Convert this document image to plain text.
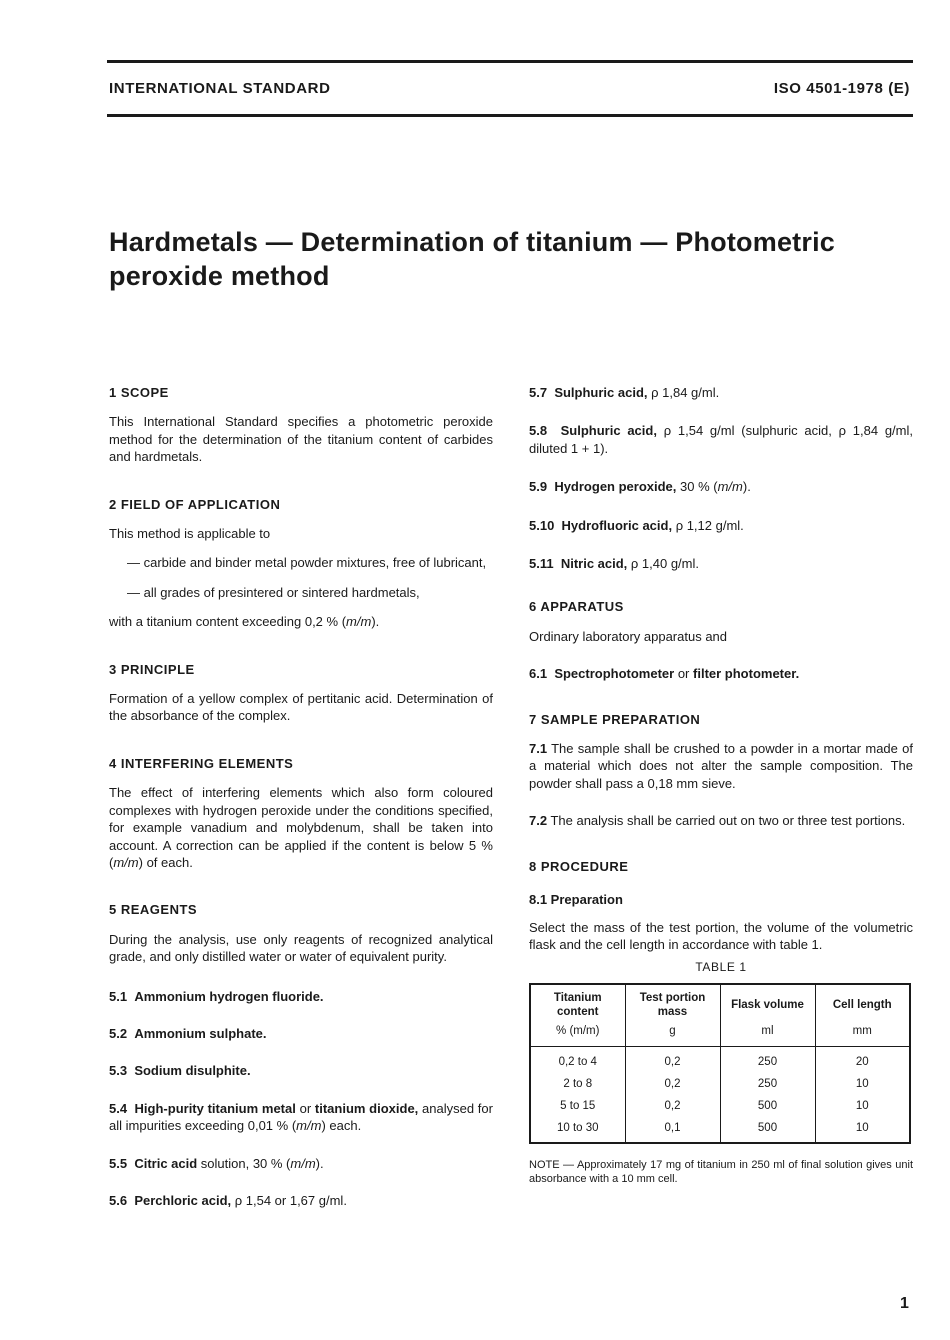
INTERNATIONAL STANDARD	ISO 4501-1978 (E)
Hardmetals — Determination of titanium — Photometric peroxide method
1 SCOPE
This International Standard specifies a photometric peroxide method for the determination of the titanium content of carbides and hardmetals.
2 FIELD OF APPLICATION
This method is applicable to
— carbide and binder metal powder mixtures, free of lubricant,
— all grades of presintered or sintered hardmetals,
with a titanium content exceeding 0,2 % (m/m).
3 PRINCIPLE
Formation of a yellow complex of pertitanic acid. Determination of the absorbance of the complex.
4 INTERFERING ELEMENTS
The effect of interfering elements which also form coloured complexes with hydrogen peroxide under the conditions specified, for example vanadium and molybdenum, shall be taken into account. A correction can be applied if the content is below 5 % (m/m) of each.
5 REAGENTS
During the analysis, use only reagents of recognized analytical grade, and only distilled water or water of equivalent purity.
5.1 Ammonium hydrogen fluoride.
5.2 Ammonium sulphate.
5.3 Sodium disulphite.
5.4 High-purity titanium metal or titanium dioxide, analysed for all impurities exceeding 0,01 % (m/m) each.
5.5 Citric acid solution, 30 % (m/m).
5.6 Perchloric acid, ρ 1,54 or 1,67 g/ml.
5.7 Sulphuric acid, ρ 1,84 g/ml.
5.8 Sulphuric acid, ρ 1,54 g/ml (sulphuric acid, ρ 1,84 g/ml, diluted 1 + 1).
5.9 Hydrogen peroxide, 30 % (m/m).
5.10 Hydrofluoric acid, ρ 1,12 g/ml.
5.11 Nitric acid, ρ 1,40 g/ml.
6 APPARATUS
Ordinary laboratory apparatus and
6.1 Spectrophotometer or filter photometer.
7 SAMPLE PREPARATION
7.1 The sample shall be crushed to a powder in a mortar made of a material which does not alter the sample composition. The powder shall pass a 0,18 mm sieve.
7.2 The analysis shall be carried out on two or three test portions.
8 PROCEDURE
8.1 Preparation
Select the mass of the test portion, the volume of the volumetric flask and the cell length in accordance with table 1.
TABLE 1
Titanium content	Test portion mass	Flask volume	Cell length
% (m/m)	g	ml	mm
0,2 to 4	0,2	250	20
2 to 8	0,2	250	10
5 to 15	0,2	500	10
10 to 30	0,1	500	10
NOTE — Approximately 17 mg of titanium in 250 ml of final solution gives unit absorbance with a 10 mm cell.
1
